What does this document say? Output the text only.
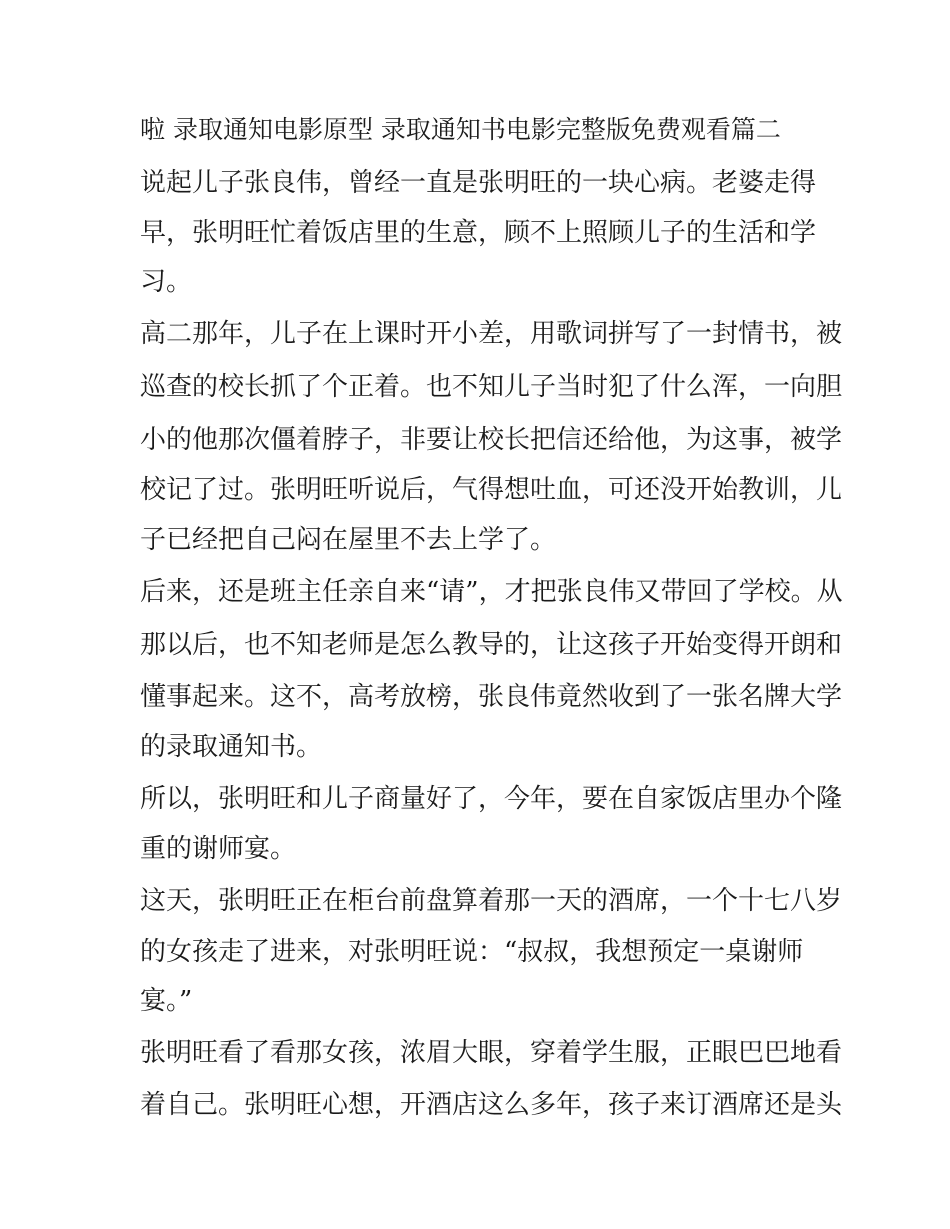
啦 录取通知电影原型 录取通知书电影完整版免费观看篇二
说起儿子张良伟，曾经一直是张明旺的一块心病。老婆走得
早，张明旺忙着饭店里的生意，顾不上照顾儿子的生活和学
习。
高二那年，儿子在上课时开小差，用歌词拼写了一封情书，被
巡查的校长抓了个正着。也不知儿子当时犯了什么浑，一向胆
小的他那次僵着脖子，非要让校长把信还给他，为这事，被学
校记了过。张明旺听说后，气得想吐血，可还没开始教训，儿
子已经把自己闷在屋里不去上学了。
后来，还是班主任亲自来“请”，才把张良伟又带回了学校。从
那以后，也不知老师是怎么教导的，让这孩子开始变得开朗和
懂事起来。这不，高考放榜，张良伟竟然收到了一张名牌大学
的录取通知书。
所以，张明旺和儿子商量好了，今年，要在自家饭店里办个隆
重的谢师宴。
这天，张明旺正在柜台前盘算着那一天的酒席，一个十七八岁
的女孩走了进来，对张明旺说：“叔叔，我想预定一桌谢师
宴。”
张明旺看了看那女孩，浓眉大眼，穿着学生服，正眼巴巴地看
着自己。张明旺心想，开酒店这么多年，孩子来订酒席还是头
